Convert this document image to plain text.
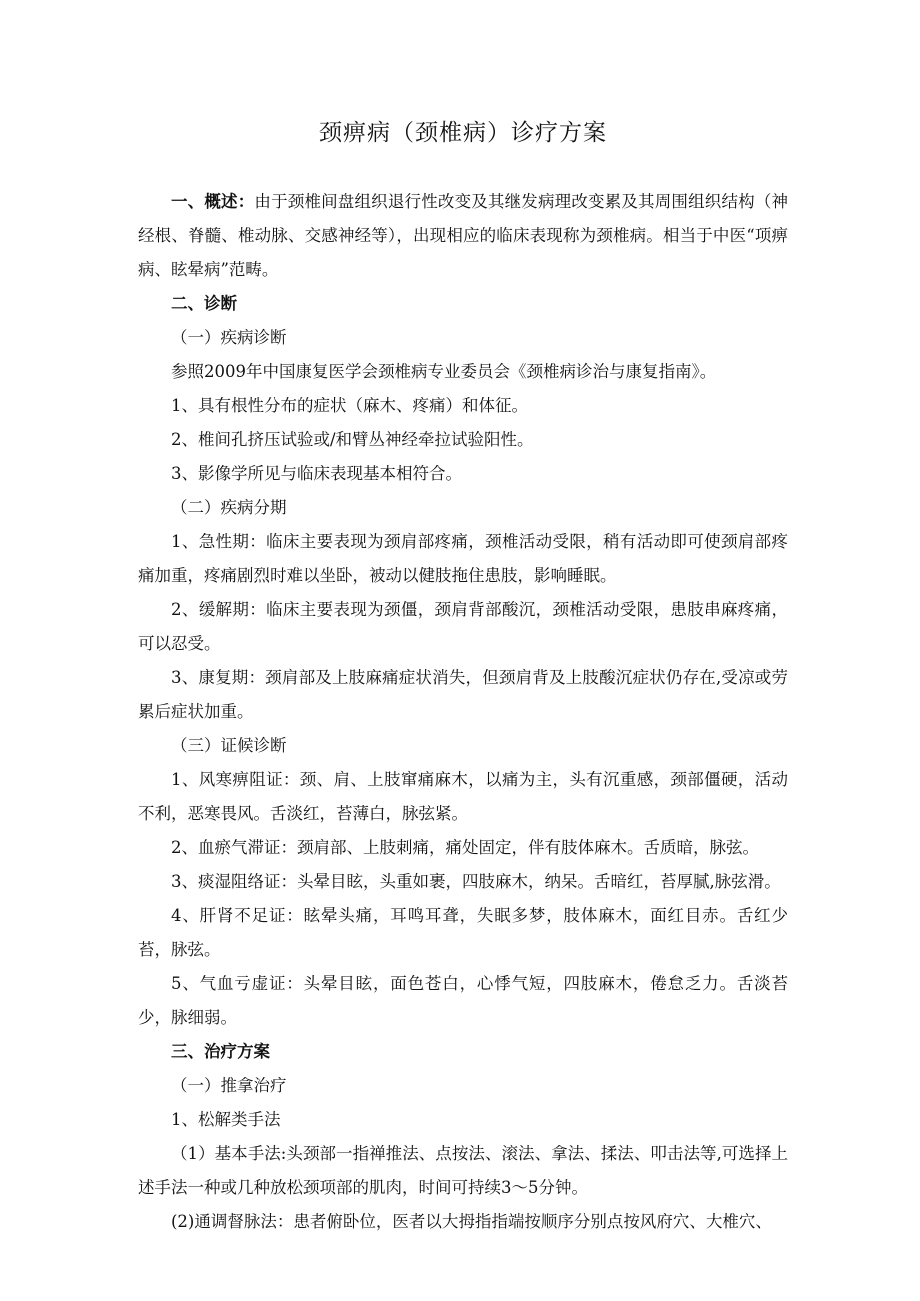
颈痹病（颈椎病）诊疗方案

一、概述：由于颈椎间盘组织退行性改变及其继发病理改变累及其周围组织结构（神经根、脊髓、椎动脉、交感神经等），出现相应的临床表现称为颈椎病。相当于中医“项痹病、眩晕病”范畴。

二、诊断

（一）疾病诊断

参照2009年中国康复医学会颈椎病专业委员会《颈椎病诊治与康复指南》。

1、具有根性分布的症状（麻木、疼痛）和体征。

2、椎间孔挤压试验或/和臂丛神经牵拉试验阳性。

3、影像学所见与临床表现基本相符合。

（二）疾病分期

1、急性期：临床主要表现为颈肩部疼痛，颈椎活动受限，稍有活动即可使颈肩部疼痛加重，疼痛剧烈时难以坐卧，被动以健肢拖住患肢，影响睡眠。

2、缓解期：临床主要表现为颈僵，颈肩背部酸沉，颈椎活动受限，患肢串麻疼痛，可以忍受。

3、康复期：颈肩部及上肢麻痛症状消失，但颈肩背及上肢酸沉症状仍存在,受凉或劳累后症状加重。

（三）证候诊断

1、风寒痹阻证：颈、肩、上肢窜痛麻木，以痛为主，头有沉重感，颈部僵硬，活动不利，恶寒畏风。舌淡红，苔薄白，脉弦紧。

2、血瘀气滞证：颈肩部、上肢刺痛，痛处固定，伴有肢体麻木。舌质暗，脉弦。

3、痰湿阻络证：头晕目眩，头重如裹，四肢麻木，纳呆。舌暗红，苔厚腻,脉弦滑。

4、肝肾不足证：眩晕头痛，耳鸣耳聋，失眠多梦，肢体麻木，面红目赤。舌红少苔，脉弦。

5、气血亏虚证：头晕目眩，面色苍白，心悸气短，四肢麻木，倦怠乏力。舌淡苔少，脉细弱。

三、治疗方案

（一）推拿治疗

1、松解类手法

（1）基本手法:头颈部一指禅推法、点按法、滚法、拿法、揉法、叩击法等,可选择上述手法一种或几种放松颈项部的肌肉，时间可持续3～5分钟。

(2)通调督脉法：患者俯卧位，医者以大拇指指端按顺序分别点按风府穴、大椎穴、
